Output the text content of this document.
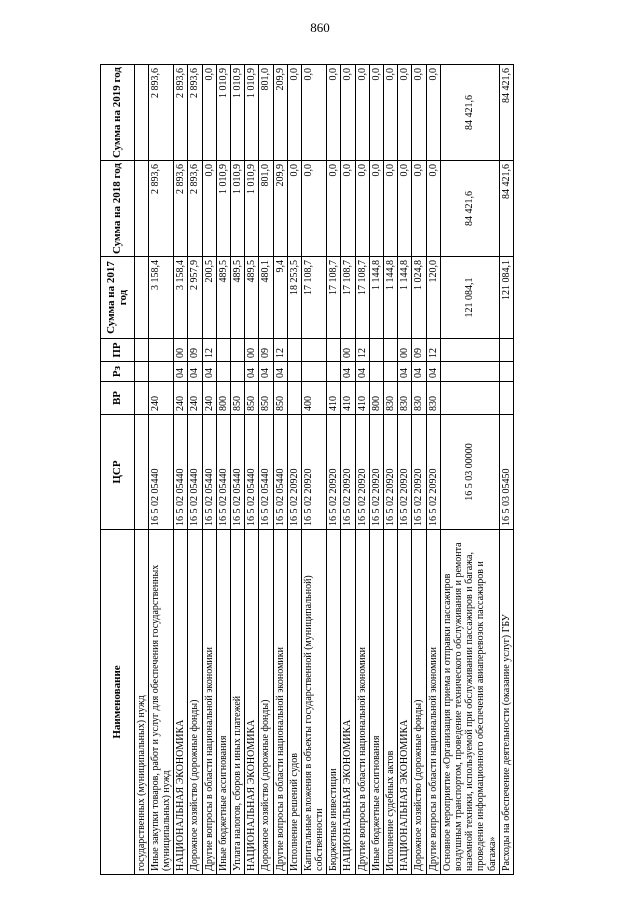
860
Наименование	ЦСР	ВР	Рз	ПР	Сумма на 2017 год	Сумма на 2018 год	Сумма на 2019 год
государственных (муниципальных) нужд							
Иные закупки товаров, работ и услуг для обеспечения государственных (муниципальных) нужд	16 5 02 05440	240			3 158,4	2 893,6	2 893,6
НАЦИОНАЛЬНАЯ ЭКОНОМИКА	16 5 02 05440	240	04	00	3 158,4	2 893,6	2 893,6
Дорожное хозяйство (дорожные фонды)	16 5 02 05440	240	04	09	2 957,9	2 893,6	2 893,6
Другие вопросы в области национальной экономики	16 5 02 05440	240	04	12	200,5	0,0	0,0
Иные бюджетные ассигнования	16 5 02 05440	800			489,5	1 010,9	1 010,9
Уплата налогов, сборов и иных платежей	16 5 02 05440	850			489,5	1 010,9	1 010,9
НАЦИОНАЛЬНАЯ ЭКОНОМИКА	16 5 02 05440	850	04	00	489,5	1 010,9	1 010,9
Дорожное хозяйство (дорожные фонды)	16 5 02 05440	850	04	09	480,1	801,0	801,0
Другие вопросы в области национальной экономики	16 5 02 05440	850	04	12	9,4	209,9	209,9
Исполнение решений судов	16 5 02 20920				18 253,5	0,0	0,0
Капитальные вложения в объекты государственной (муниципальной) собственности	16 5 02 20920	400			17 108,7	0,0	0,0
Бюджетные инвестиции	16 5 02 20920	410			17 108,7	0,0	0,0
НАЦИОНАЛЬНАЯ ЭКОНОМИКА	16 5 02 20920	410	04	00	17 108,7	0,0	0,0
Другие вопросы в области национальной экономики	16 5 02 20920	410	04	12	17 108,7	0,0	0,0
Иные бюджетные ассигнования	16 5 02 20920	800			1 144,8	0,0	0,0
Исполнение судебных актов	16 5 02 20920	830			1 144,8	0,0	0,0
НАЦИОНАЛЬНАЯ ЭКОНОМИКА	16 5 02 20920	830	04	00	1 144,8	0,0	0,0
Дорожное хозяйство (дорожные фонды)	16 5 02 20920	830	04	09	1 024,8	0,0	0,0
Другие вопросы в области национальной экономики	16 5 02 20920	830	04	12	120,0	0,0	0,0
Основное мероприятие «Организация приема и отправки пассажиров воздушным транспортом, проведение технического обслуживания и ремонта наземной техники, используемой при обслуживании пассажиров и багажа, проведение информационного обеспечения авиаперевозок пассажиров и багажа»	16 5 03 00000				121 084,1	84 421,6	84 421,6
Расходы на обеспечение деятельности (оказание услуг) ГБУ	16 5 03 05450				121 084,1	84 421,6	84 421,6
